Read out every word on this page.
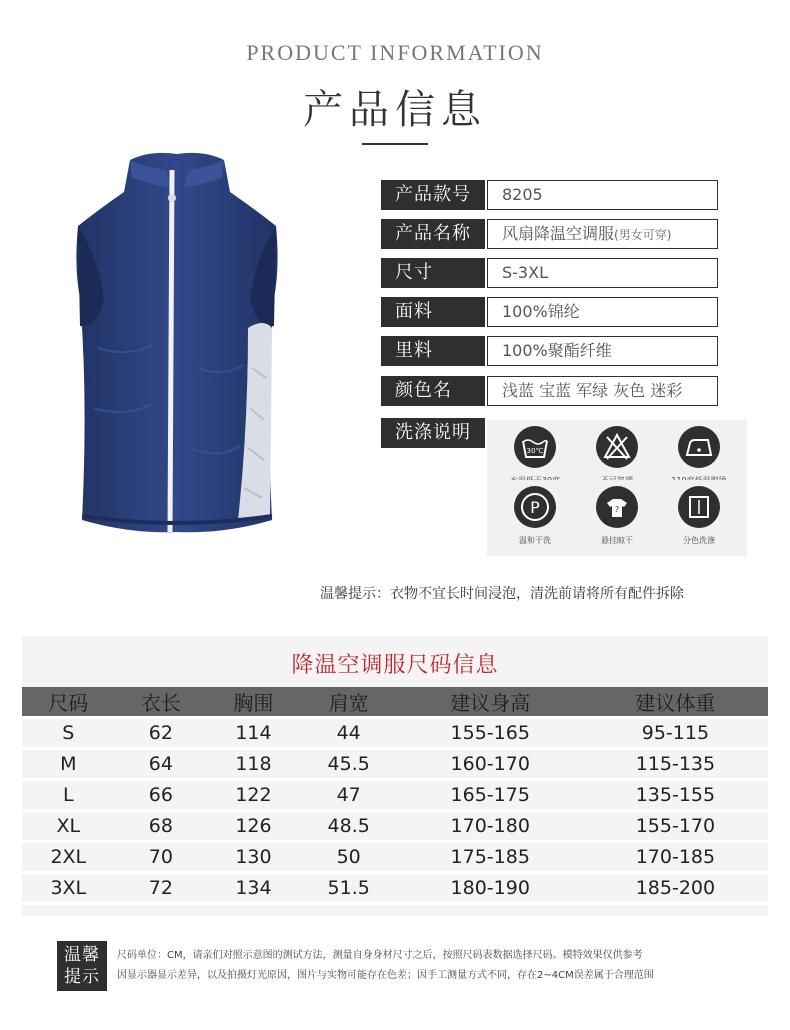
PRODUCT INFORMATION
产品信息
产品款号	8205
产品名称	风扇降温空调服(男女可穿)
尺寸	S-3XL
面料	100%锦纶
里料	100%聚酯纤维
颜色名	浅蓝 宝蓝 军绿 灰色 迷彩
洗涤说明
30℃
P
温和干洗
?
悬挂晾干	分色洗涤
温馨提示：衣物不宜长时间浸泡，清洗前请将所有配件拆除
降温空调服尺码信息
尺码	衣长	胸围	肩宽	建议身高	建议体重
S	62	114	44	155-165	95-115
M	64	118	45.5	160-170	115-135
L	66	122	47	165-175	135-155
XL	68	126	48.5	170-180	155-170
2XL	70	130	50	175-185	170-185
3XL	72	134	51.5	180-190	185-200
温馨
提示
尺码单位：CM，请亲们对照示意图的测试方法，测量自身身材尺寸之后，按照尺码表数据选择尺码。模特效果仅供参考
因显示器显示差异，以及拍摄灯光原因，图片与实物可能存在色差；因手工测量方式不同，存在2~4CM误差属于合理范围
